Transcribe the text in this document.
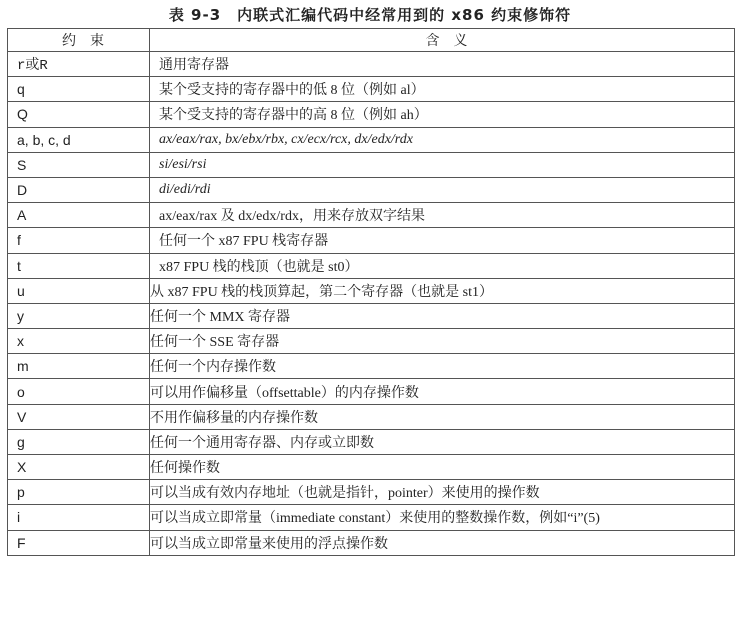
表 9-3　内联式汇编代码中经常用到的 x86 约束修饰符
约　束	含　义
r或R	通用寄存器
q	某个受支持的寄存器中的低 8 位（例如 al）
Q	某个受支持的寄存器中的高 8 位（例如 ah）
a, b, c, d	ax/eax/rax, bx/ebx/rbx, cx/ecx/rcx, dx/edx/rdx
S	si/esi/rsi
D	di/edi/rdi
A	ax/eax/rax 及 dx/edx/rdx，用来存放双字结果
f	任何一个 x87 FPU 栈寄存器
t	x87 FPU 栈的栈顶（也就是 st0）
u	从 x87 FPU 栈的栈顶算起，第二个寄存器（也就是 st1）
y	任何一个 MMX 寄存器
x	任何一个 SSE 寄存器
m	任何一个内存操作数
o	可以用作偏移量（offsettable）的内存操作数
V	不用作偏移量的内存操作数
g	任何一个通用寄存器、内存或立即数
X	任何操作数
p	可以当成有效内存地址（也就是指针，pointer）来使用的操作数
i	可以当成立即常量（immediate constant）来使用的整数操作数，例如“i”(5)
F	可以当成立即常量来使用的浮点操作数
